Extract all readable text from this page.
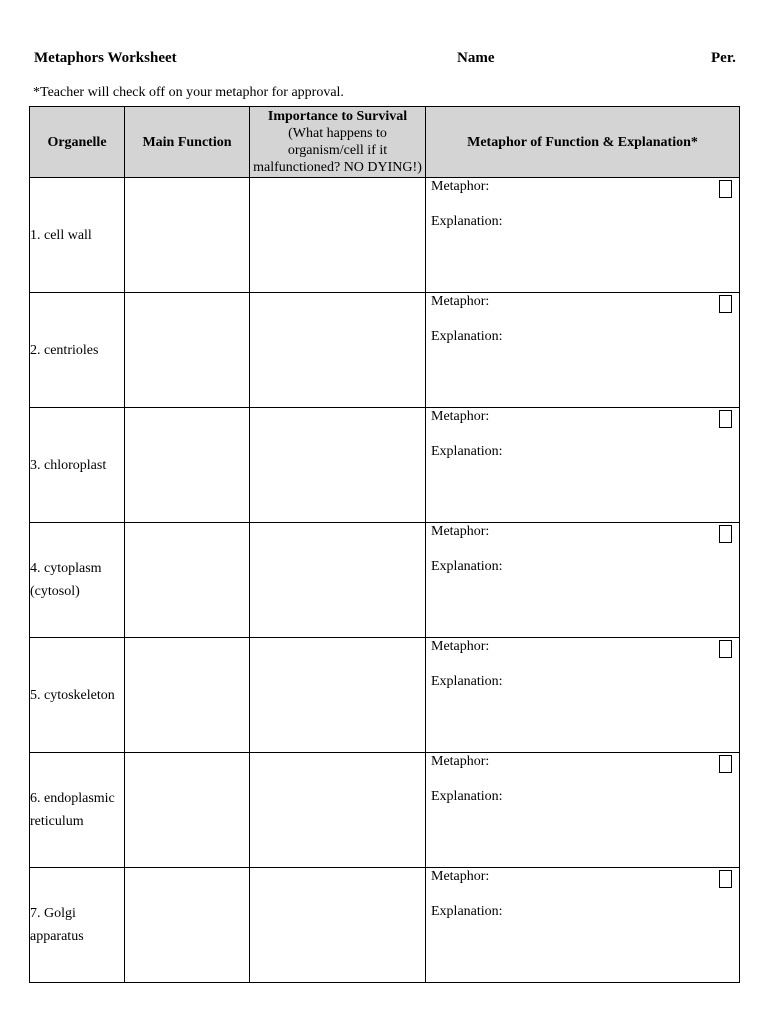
Metaphors Worksheet	Name	Per.
*Teacher will check off on your metaphor for approval.
Organelle	Main Function	Importance to Survival (What happens to organism/cell if it malfunctioned? NO DYING!)	Metaphor of Function & Explanation*
1. cell wall			Metaphor:
Explanation:

2. centrioles			Metaphor:
Explanation:

3. chloroplast			Metaphor:
Explanation:

4. cytoplasm (cytosol)			Metaphor:
Explanation:

5. cytoskeleton			Metaphor:
Explanation:

6. endoplasmic reticulum			Metaphor:
Explanation:

7. Golgi apparatus			Metaphor:
Explanation:
